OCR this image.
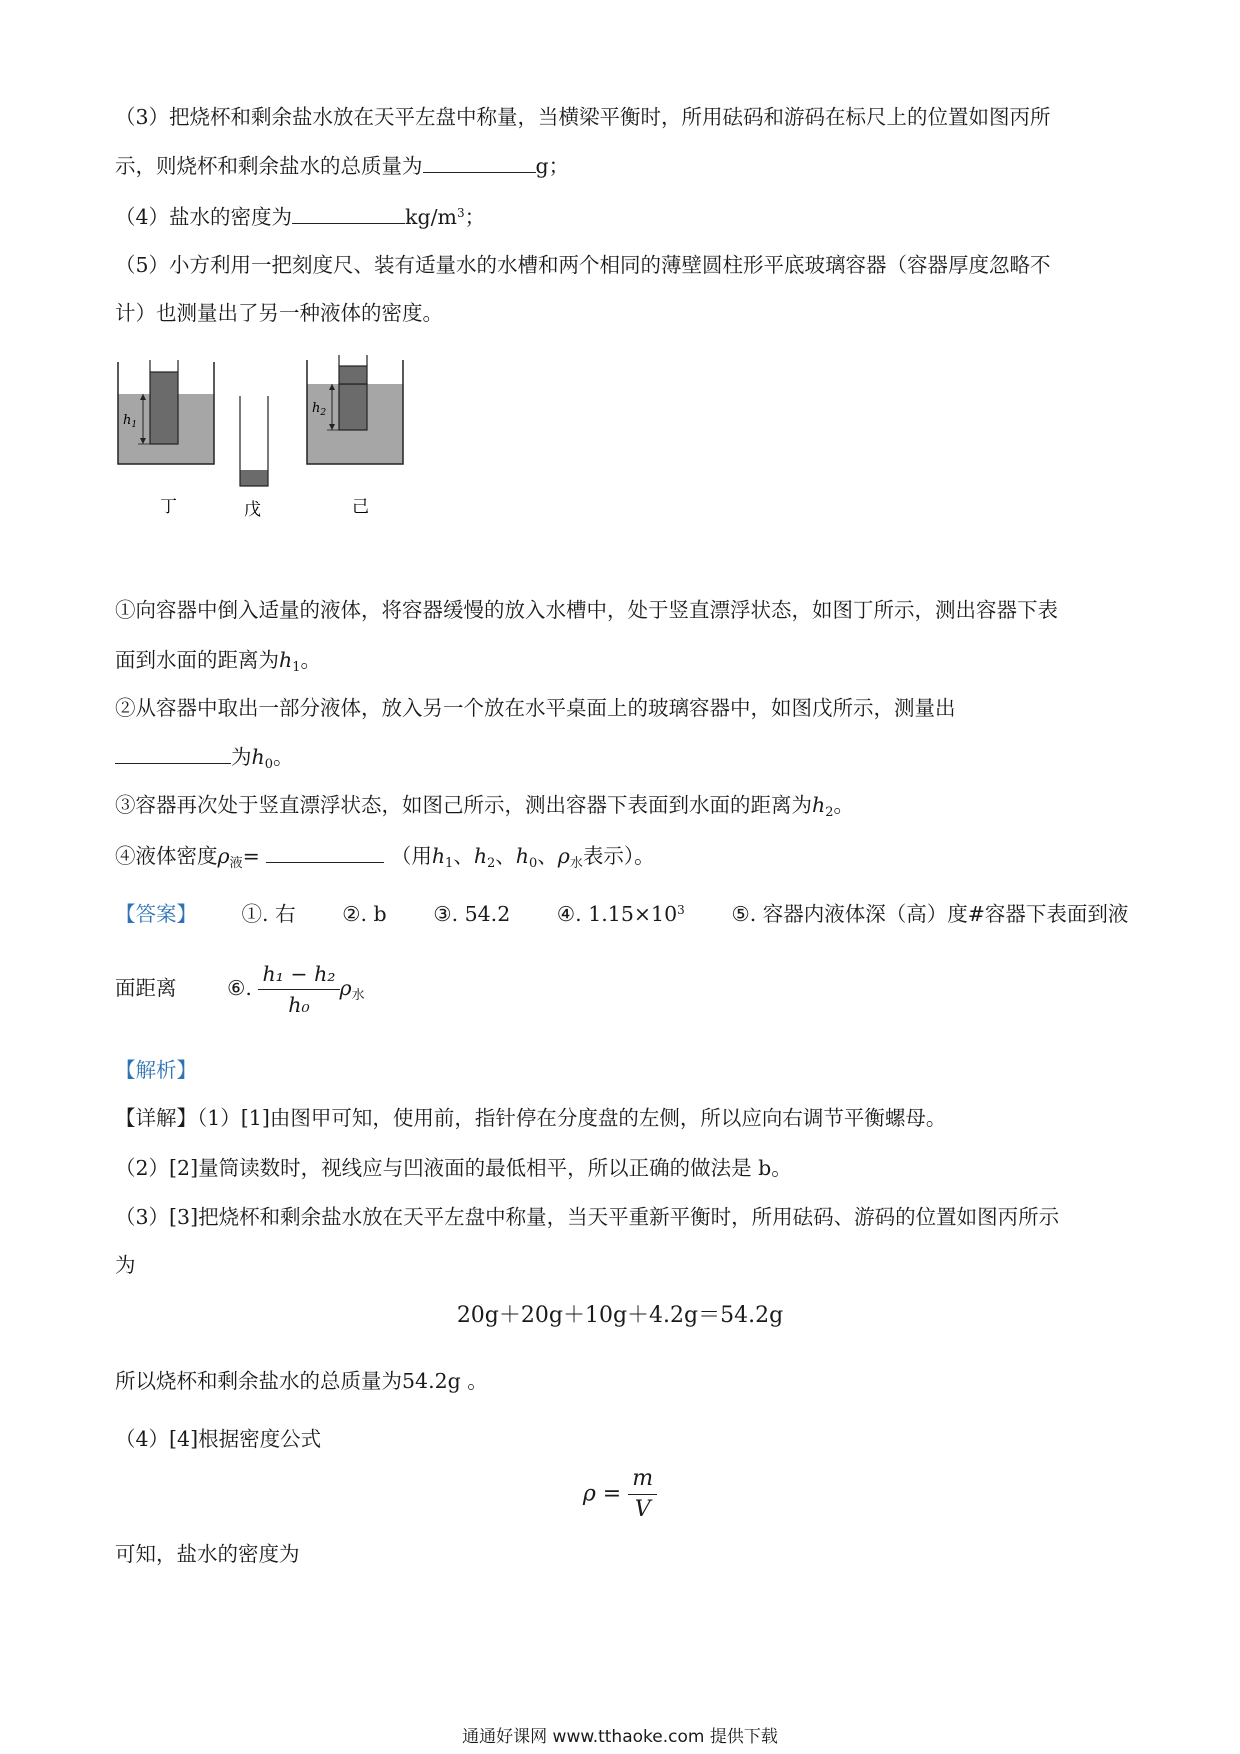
（3）把烧杯和剩余盐水放在天平左盘中称量，当横梁平衡时，所用砝码和游码在标尺上的位置如图丙所
示，则烧杯和剩余盐水的总质量为	g；
（4）盐水的密度为	$kg/m^3$；
（5）小方利用一把刻度尺、装有适量水的水槽和两个相同的薄壁圆柱形平底玻璃容器（容器厚度忽略不
计）也测量出了另一种液体的密度。
$h_1$
$h_2$
丁	戊	己
①向容器中倒入适量的液体，将容器缓慢的放入水槽中，处于竖直漂浮状态，如图丁所示，测出容器下表
面到水面的距离为$h_1$。
②从容器中取出一部分液体，放入另一个放在水平桌面上的玻璃容器中，如图戊所示，测量出
为$h_0$。
③容器再次处于竖直漂浮状态，如图己所示，测出容器下表面到水面的距离为$h_2$。
④液体密度$\rho_液=$	（用$h_1$、$h_2$、$h_0$、$\rho_水$表示）。
【答案】 ①. 右 ②. b ③. 54.2 ④. $1.15\times 10^3$ ⑤. 容器内液体深（高）度#容器下表面到液
面距离 ⑥. $\frac{\text{h₁ − h₂}}{\text{h₀}} \rho_水$
【解析】
【详解】（1）[1]由图甲可知，使用前，指针停在分度盘的左侧，所以应向右调节平衡螺母。
（2）[2]量筒读数时，视线应与凹液面的最低相平，所以正确的做法是 b。
（3）[3]把烧杯和剩余盐水放在天平左盘中称量，当天平重新平衡时，所用砝码、游码的位置如图丙所示
为
20g＋20g＋10g＋4.2g＝54.2g
所以烧杯和剩余盐水的总质量为54.2g 。
（4）[4]根据密度公式
$\rho = \frac{m}{V}$
可知，盐水的密度为
通通好课网 www.tthaoke.com 提供下载
